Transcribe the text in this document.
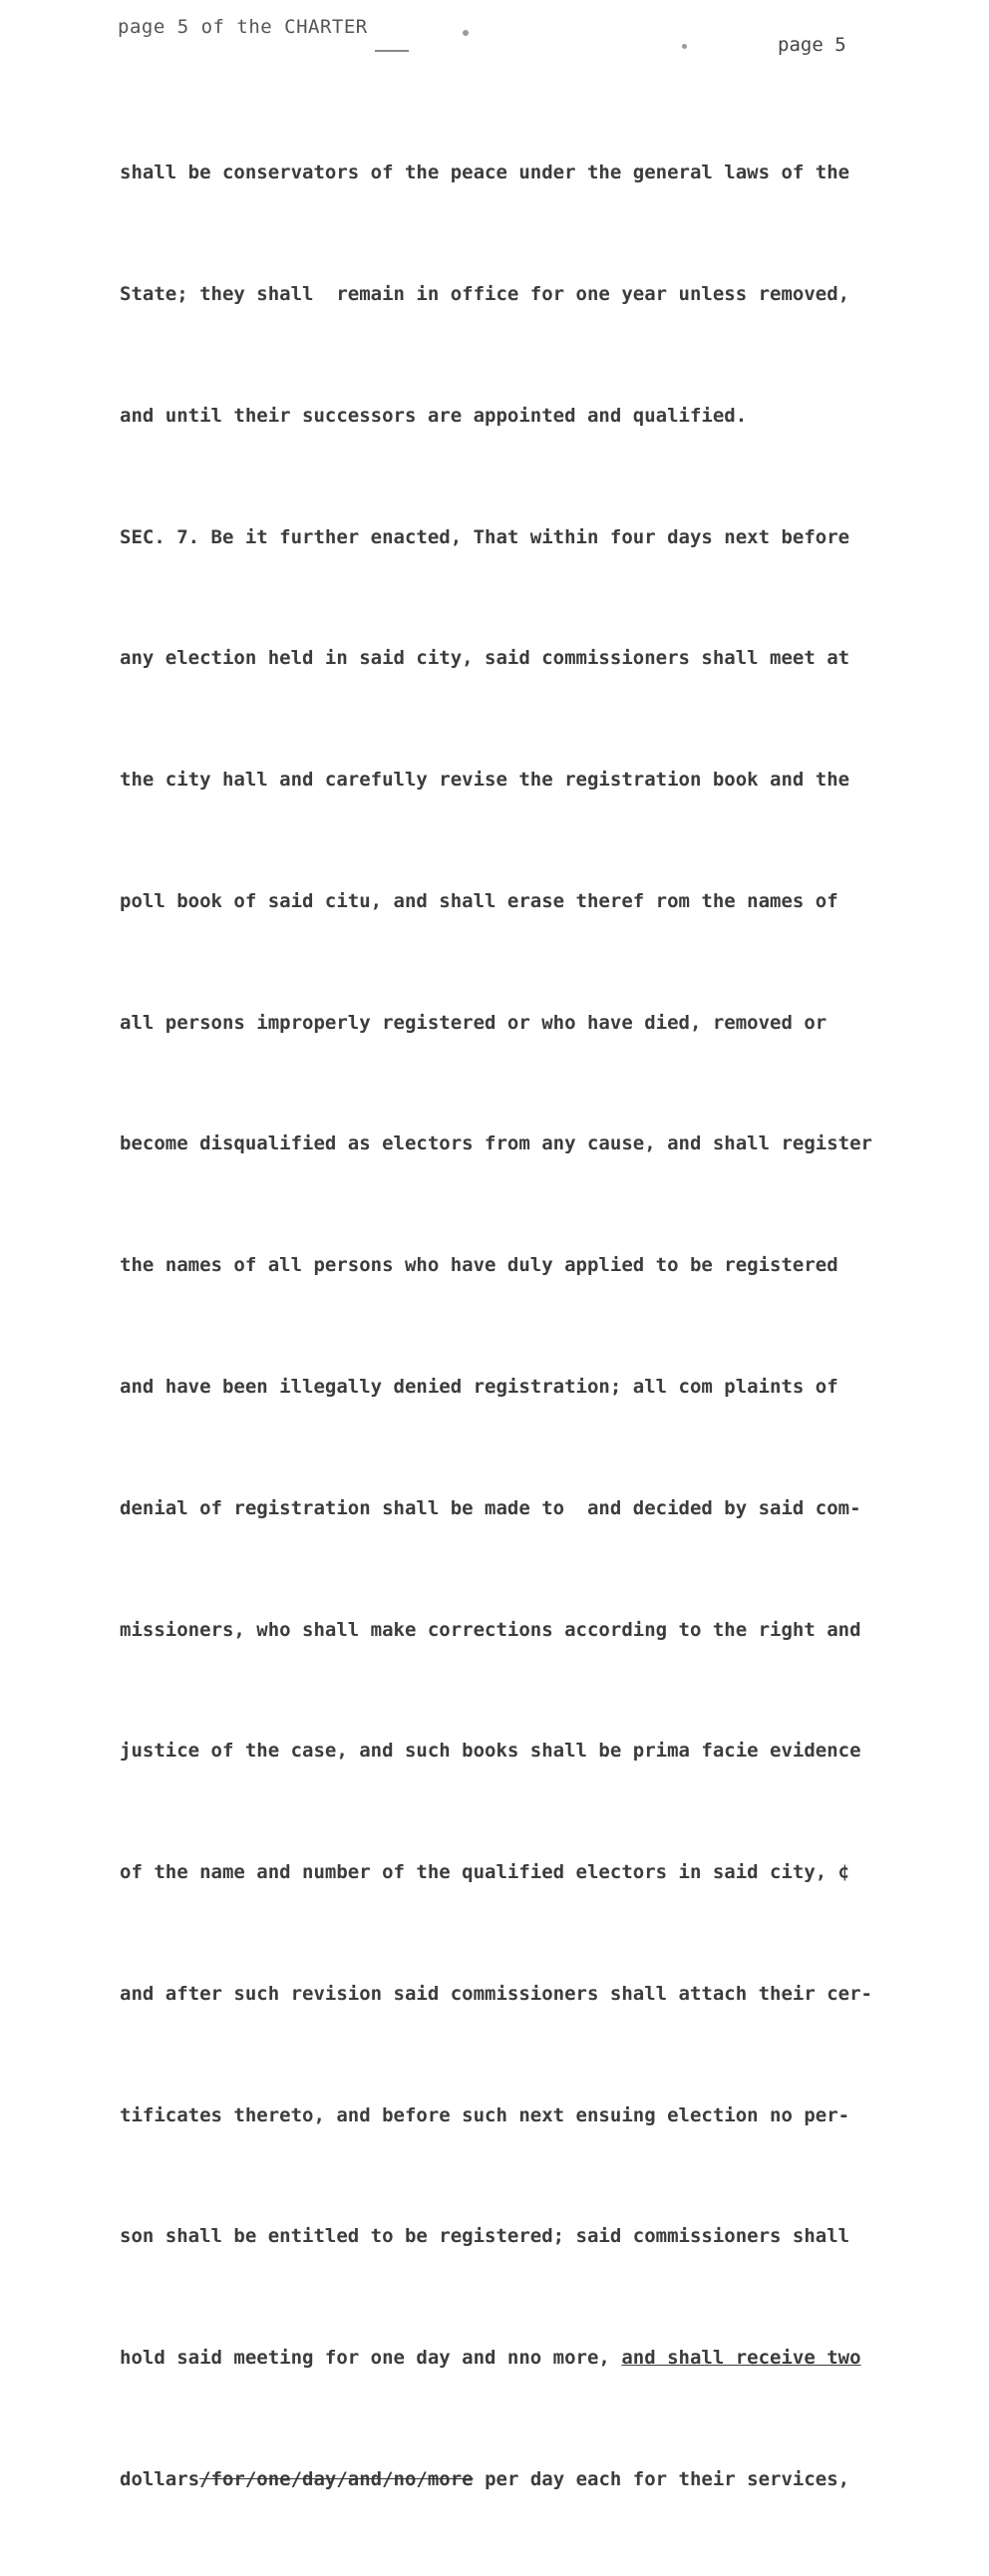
page 5 of the CHARTER
page 5

shall be conservators of the peace under the general laws of the

State; they shall  remain in office for one year unless removed,

and until their successors are appointed and qualified.

SEC. 7. Be it further enacted, That within four days next before

any election held in said city, said commissioners shall meet at

the city hall and carefully revise the registration book and the

poll book of said citu, and shall erase theref rom the names of

all persons improperly registered or who have died, removed or

become disqualified as electors from any cause, and shall register

the names of all persons who have duly applied to be registered

and have been illegally denied registration; all com plaints of

denial of registration shall be made to  and decided by said com-

missioners, who shall make corrections according to the right and

justice of the case, and such books shall be prima facie evidence

of the name and number of the qualified electors in said city, ¢

and after such revision said commissioners shall attach their cer-

tificates thereto, and before such next ensuing election no per-

son shall be entitled to be registered; said commissioners shall

hold said meeting for one day and nno more, and shall receive two

dollars/for/one/day/and/no/more per day each for their services,
